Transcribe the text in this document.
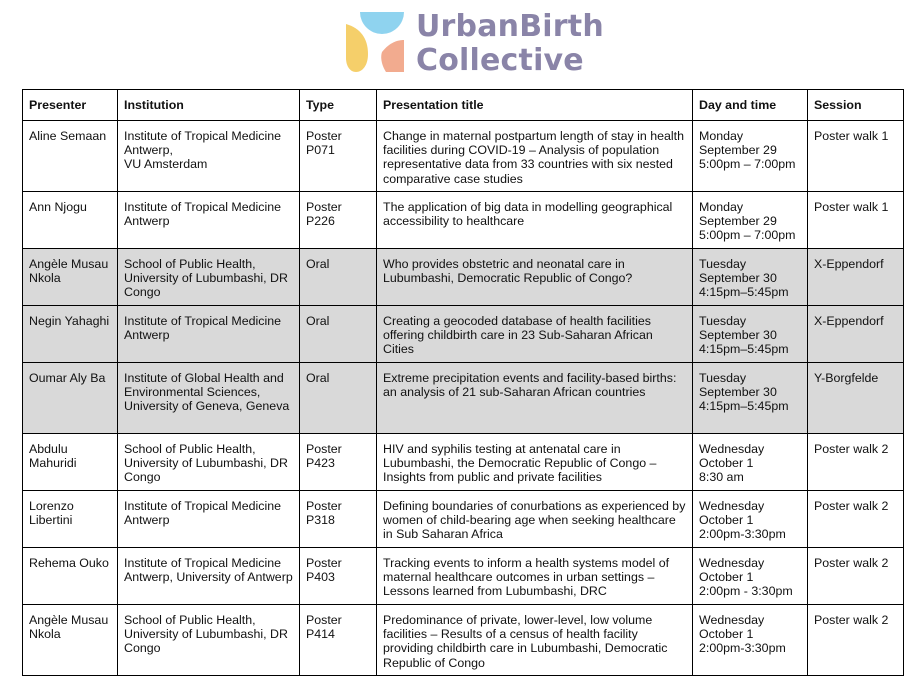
UrbanBirth
Collective
Presenter	Institution	Type	Presentation title	Day and time	Session

Aline Semaan	Institute of Tropical Medicine
Antwerp,
VU Amsterdam	Poster
P071	Change in maternal postpartum length of stay in health facilities during COVID-19 – Analysis of population representative data from 33 countries with six nested comparative case studies	Monday
September 29
5:00pm – 7:00pm	Poster walk 1

Ann Njogu	Institute of Tropical Medicine
Antwerp	Poster
P226	The application of big data in modelling geographical accessibility to healthcare	Monday
September 29
5:00pm – 7:00pm	Poster walk 1

Angèle Musau
Nkola	School of Public Health,
University of Lubumbashi, DR
Congo	Oral	Who provides obstetric and neonatal care in Lubumbashi, Democratic Republic of Congo?	Tuesday
September 30
4:15pm–5:45pm	X-Eppendorf

Negin Yahaghi	Institute of Tropical Medicine
Antwerp	Oral	Creating a geocoded database of health facilities offering childbirth care in 23 Sub-Saharan African Cities	Tuesday
September 30
4:15pm–5:45pm	X-Eppendorf

Oumar Aly Ba	Institute of Global Health and
Environmental Sciences,
University of Geneva, Geneva	Oral	Extreme precipitation events and facility-based births: an analysis of 21 sub-Saharan African countries	Tuesday
September 30
4:15pm–5:45pm	Y-Borgfelde

Abdulu
Mahuridi	School of Public Health,
University of Lubumbashi, DR
Congo	Poster
P423	HIV and syphilis testing at antenatal care in Lubumbashi, the Democratic Republic of Congo – Insights from public and private facilities	Wednesday
October 1
8:30 am	Poster walk 2

Lorenzo
Libertini	Institute of Tropical Medicine
Antwerp	Poster
P318	Defining boundaries of conurbations as experienced by women of child-bearing age when seeking healthcare in Sub Saharan Africa	Wednesday
October 1
2:00pm-3:30pm	Poster walk 2

Rehema Ouko	Institute of Tropical Medicine
Antwerp, University of Antwerp	Poster
P403	Tracking events to inform a health systems model of maternal healthcare outcomes in urban settings – Lessons learned from Lubumbashi, DRC	Wednesday
October 1
2:00pm - 3:30pm	Poster walk 2

Angèle Musau
Nkola	School of Public Health,
University of Lubumbashi, DR
Congo	Poster
P414	Predominance of private, lower-level, low volume facilities – Results of a census of health facility providing childbirth care in Lubumbashi, Democratic Republic of Congo	Wednesday
October 1
2:00pm-3:30pm	Poster walk 2
